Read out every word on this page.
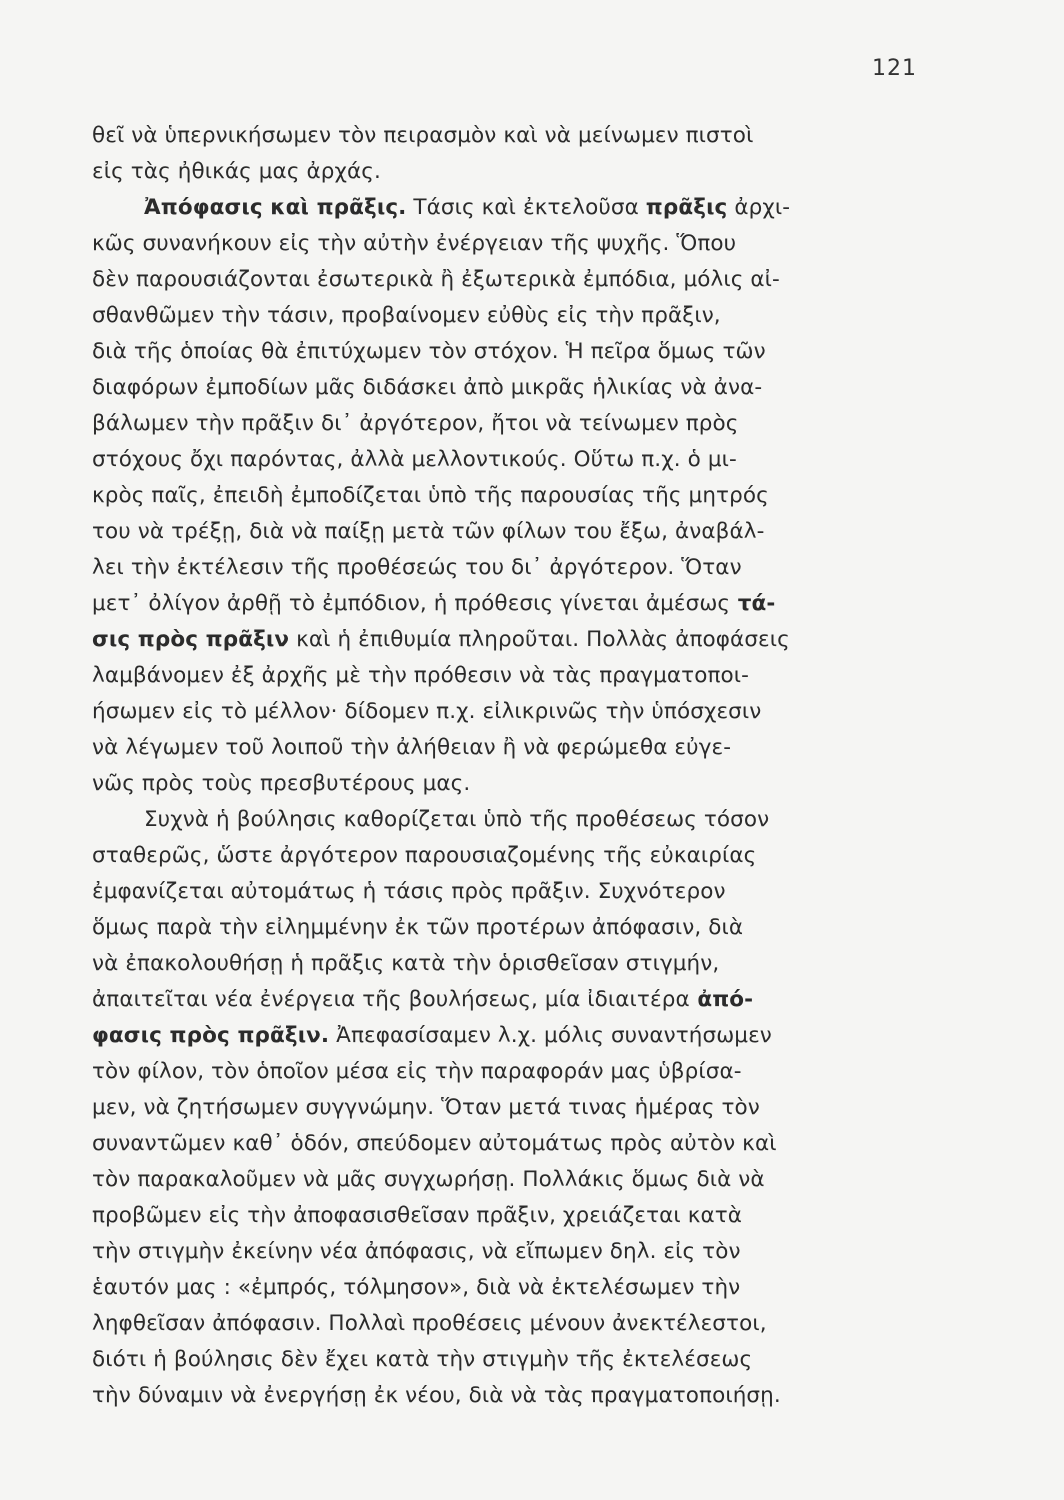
121
θεῖ νὰ ὑπερνικήσωμεν τὸν πειρασμὸν καὶ νὰ μείνωμεν πιστοὶ
εἰς τὰς ἠθικάς μας ἀρχάς.
Ἀπόφασις καὶ πρᾶξις. Τάσις καὶ ἐκτελοῦσα πρᾶξις ἀρχι-
κῶς συνανήκουν εἰς τὴν αὐτὴν ἐνέργειαν τῆς ψυχῆς. Ὅπου
δὲν παρουσιάζονται ἐσωτερικὰ ἢ ἐξωτερικὰ ἐμπόδια, μόλις αἰ-
σθανθῶμεν τὴν τάσιν, προβαίνομεν εὐθὺς εἰς τὴν πρᾶξιν,
διὰ τῆς ὁποίας θὰ ἐπιτύχωμεν τὸν στόχον. Ἡ πεῖρα ὅμως τῶν
διαφόρων ἐμποδίων μᾶς διδάσκει ἀπὸ μικρᾶς ἡλικίας νὰ ἀνα-
βάλωμεν τὴν πρᾶξιν δι᾽ ἀργότερον, ἤτοι νὰ τείνωμεν πρὸς
στόχους ὄχι παρόντας, ἀλλὰ μελλοντικούς. Οὕτω π.χ. ὁ μι-
κρὸς παῖς, ἐπειδὴ ἐμποδίζεται ὑπὸ τῆς παρουσίας τῆς μητρός
του νὰ τρέξῃ, διὰ νὰ παίξῃ μετὰ τῶν φίλων του ἔξω, ἀναβάλ-
λει τὴν ἐκτέλεσιν τῆς προθέσεώς του δι᾽ ἀργότερον. Ὅταν
μετ᾽ ὀλίγον ἀρθῇ τὸ ἐμπόδιον, ἡ πρόθεσις γίνεται ἀμέσως τά-
σις πρὸς πρᾶξιν καὶ ἡ ἐπιθυμία πληροῦται. Πολλὰς ἀποφάσεις
λαμβάνομεν ἐξ ἀρχῆς μὲ τὴν πρόθεσιν νὰ τὰς πραγματοποι-
ήσωμεν εἰς τὸ μέλλον· δίδομεν π.χ. εἰλικρινῶς τὴν ὑπόσχεσιν
νὰ λέγωμεν τοῦ λοιποῦ τὴν ἀλήθειαν ἢ νὰ φερώμεθα εὐγε-
νῶς πρὸς τοὺς πρεσβυτέρους μας.
Συχνὰ ἡ βούλησις καθορίζεται ὑπὸ τῆς προθέσεως τόσον
σταθερῶς, ὥστε ἀργότερον παρουσιαζομένης τῆς εὐκαιρίας
ἐμφανίζεται αὐτομάτως ἡ τάσις πρὸς πρᾶξιν. Συχνότερον
ὅμως παρὰ τὴν εἰλημμένην ἐκ τῶν προτέρων ἀπόφασιν, διὰ
νὰ ἐπακολουθήσῃ ἡ πρᾶξις κατὰ τὴν ὁρισθεῖσαν στιγμήν,
ἀπαιτεῖται νέα ἐνέργεια τῆς βουλήσεως, μία ἰδιαιτέρα ἀπό-
φασις πρὸς πρᾶξιν. Ἀπεφασίσαμεν λ.χ. μόλις συναντήσωμεν
τὸν φίλον, τὸν ὁποῖον μέσα εἰς τὴν παραφοράν μας ὑβρίσα-
μεν, νὰ ζητήσωμεν συγγνώμην. Ὅταν μετά τινας ἡμέρας τὸν
συναντῶμεν καθ᾽ ὁδόν, σπεύδομεν αὐτομάτως πρὸς αὐτὸν καὶ
τὸν παρακαλοῦμεν νὰ μᾶς συγχωρήσῃ. Πολλάκις ὅμως διὰ νὰ
προβῶμεν εἰς τὴν ἀποφασισθεῖσαν πρᾶξιν, χρειάζεται κατὰ
τὴν στιγμὴν ἐκείνην νέα ἀπόφασις, νὰ εἴπωμεν δηλ. εἰς τὸν
ἑαυτόν μας : «ἐμπρός, τόλμησον», διὰ νὰ ἐκτελέσωμεν τὴν
ληφθεῖσαν ἀπόφασιν. Πολλαὶ προθέσεις μένουν ἀνεκτέλεστοι,
διότι ἡ βούλησις δὲν ἔχει κατὰ τὴν στιγμὴν τῆς ἐκτελέσεως
τὴν δύναμιν νὰ ἐνεργήσῃ ἐκ νέου, διὰ νὰ τὰς πραγματοποιήσῃ.
